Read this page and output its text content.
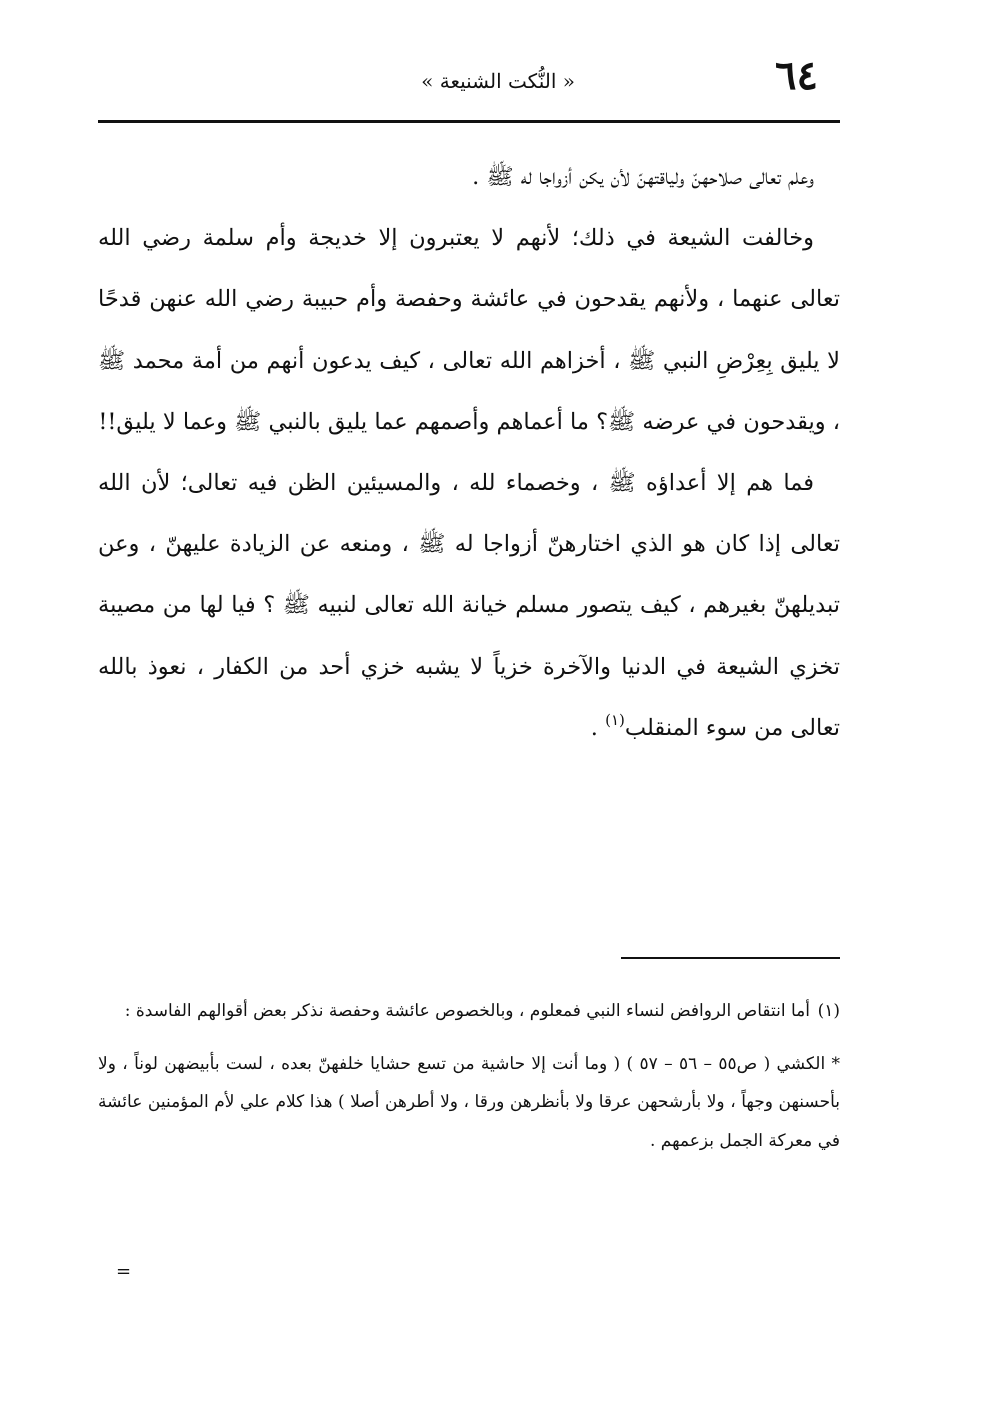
٦٤
« النُّكت الشنيعة »

وعلم تعالى صلاحهنّ ولياقتهنّ لأن يكن أزواجا له ﷺ .

وخالفت الشيعة في ذلك؛ لأنهم لا يعتبرون إلا خديجة وأم سلمة رضي الله تعالى عنهما ، ولأنهم يقدحون في عائشة وحفصة وأم حبيبة رضي الله عنهن قدحًا لا يليق بِعِرْضِ النبي ﷺ ، أخزاهم الله تعالى ، كيف يدعون أنهم من أمة محمد ﷺ ، ويقدحون في عرضه ﷺ؟ ما أعماهم وأصمهم عما يليق بالنبي ﷺ وعما لا يليق!!

فما هم إلا أعداؤه ﷺ ، وخصماء لله ، والمسيئين الظن فيه تعالى؛ لأن الله تعالى إذا كان هو الذي اختارهنّ أزواجا له ﷺ ، ومنعه عن الزيادة عليهنّ ، وعن تبديلهنّ بغيرهم ، كيف يتصور مسلم خيانة الله تعالى لنبيه ﷺ ؟ فيا لها من مصيبة تخزي الشيعة في الدنيا والآخرة خزياً لا يشبه خزي أحد من الكفار ، نعوذ بالله تعالى من سوء المنقلب$^{(١)}$ .

(١)أما انتقاص الروافض لنساء النبي فمعلوم ، وبالخصوص عائشة وحفصة نذكر بعض أقوالهم الفاسدة :

* الكشي ( ص٥٥ – ٥٦ – ٥٧ ) ( وما أنت إلا حاشية من تسع حشايا خلفهنّ بعده ، لست بأبيضهن لوناً ، ولا بأحسنهن وجهاً ، ولا بأرشحهن عرقا ولا بأنظرهن ورقا ، ولا أطرهن أصلا ) هذا كلام علي لأم المؤمنين عائشة في معركة الجمل بزعمهم .

=
